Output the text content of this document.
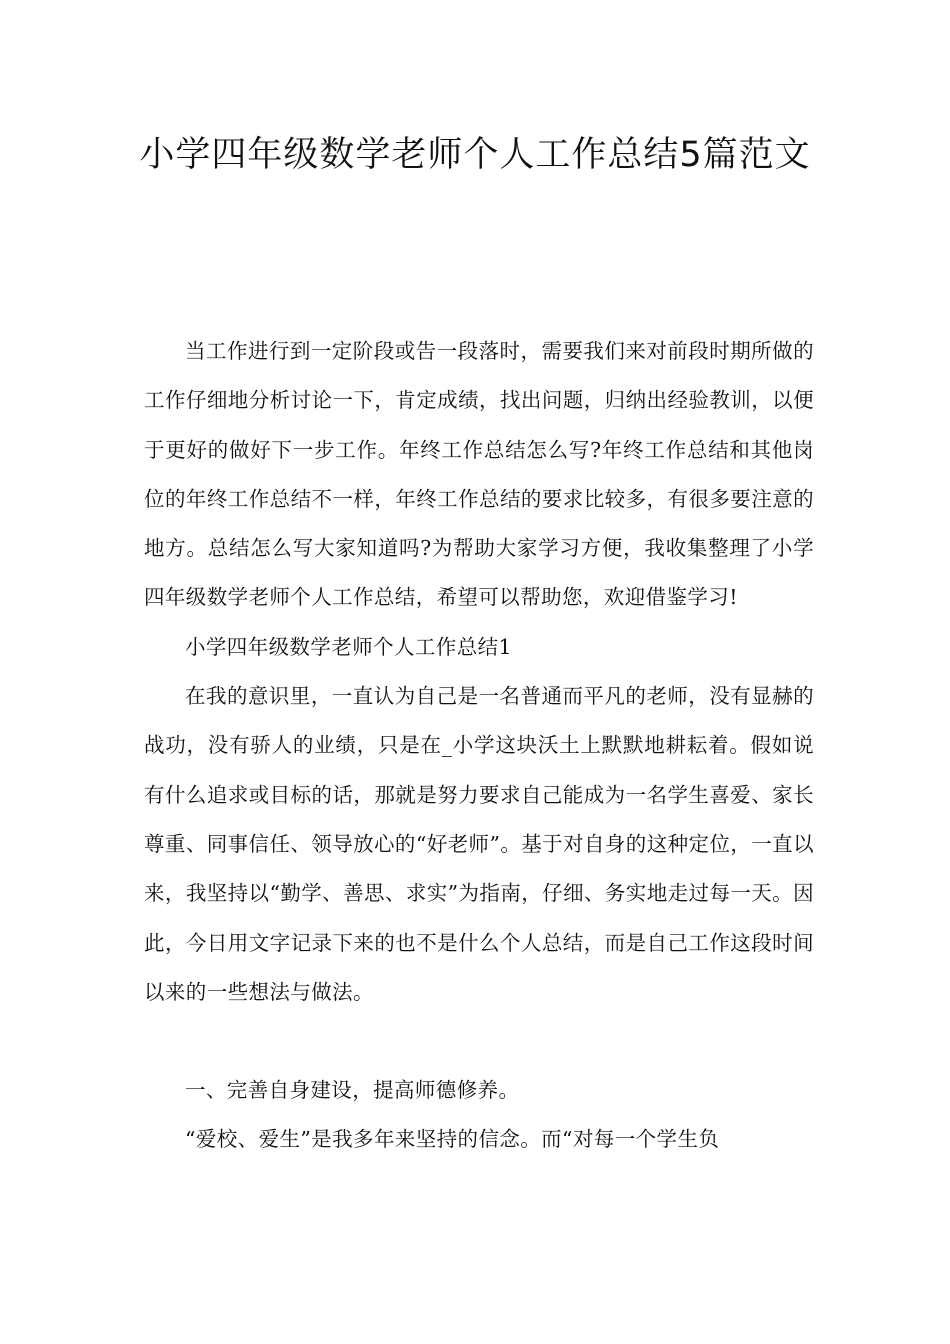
小学四年级数学老师个人工作总结5篇范文

当工作进行到一定阶段或告一段落时，需要我们来对前段时期所做的工作仔细地分析讨论一下，肯定成绩，找出问题，归纳出经验教训，以便于更好的做好下一步工作。年终工作总结怎么写?年终工作总结和其他岗位的年终工作总结不一样，年终工作总结的要求比较多，有很多要注意的地方。总结怎么写大家知道吗?为帮助大家学习方便，我收集整理了小学四年级数学老师个人工作总结，希望可以帮助您，欢迎借鉴学习!

小学四年级数学老师个人工作总结1

在我的意识里，一直认为自己是一名普通而平凡的老师，没有显赫的战功，没有骄人的业绩，只是在_小学这块沃土上默默地耕耘着。假如说有什么追求或目标的话，那就是努力要求自己能成为一名学生喜爱、家长尊重、同事信任、领导放心的“好老师”。基于对自身的这种定位，一直以来，我坚持以“勤学、善思、求实”为指南，仔细、务实地走过每一天。因此，今日用文字记录下来的也不是什么个人总结，而是自己工作这段时间以来的一些想法与做法。

一、完善自身建设，提高师德修养。

“爱校、爱生”是我多年来坚持的信念。而“对每一个学生负
